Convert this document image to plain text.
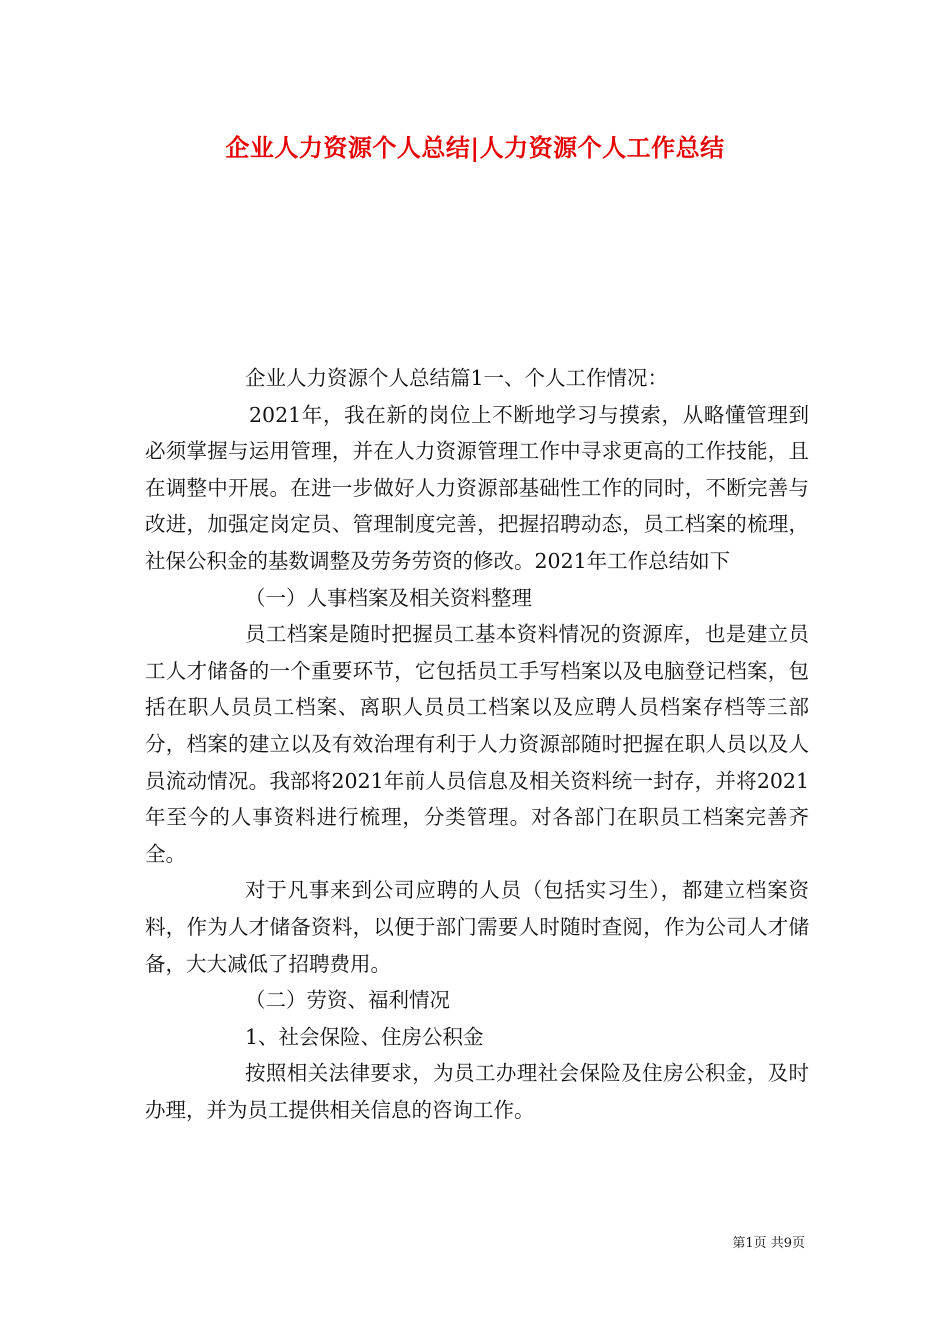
企业人力资源个人总结|人力资源个人工作总结

企业人力资源个人总结篇1一、个人工作情况：

2021年，我在新的岗位上不断地学习与摸索，从略懂管理到必须掌握与运用管理，并在人力资源管理工作中寻求更高的工作技能，且在调整中开展。在进一步做好人力资源部基础性工作的同时，不断完善与改进，加强定岗定员、管理制度完善，把握招聘动态，员工档案的梳理，社保公积金的基数调整及劳务劳资的修改。2021年工作总结如下

（一）人事档案及相关资料整理

员工档案是随时把握员工基本资料情况的资源库，也是建立员工人才储备的一个重要环节，它包括员工手写档案以及电脑登记档案，包括在职人员员工档案、离职人员员工档案以及应聘人员档案存档等三部分，档案的建立以及有效治理有利于人力资源部随时把握在职人员以及人员流动情况。我部将2021年前人员信息及相关资料统一封存，并将2021年至今的人事资料进行梳理，分类管理。对各部门在职员工档案完善齐全。

对于凡事来到公司应聘的人员（包括实习生），都建立档案资料，作为人才储备资料，以便于部门需要人时随时查阅，作为公司人才储备，大大减低了招聘费用。

（二）劳资、福利情况

1、社会保险、住房公积金

按照相关法律要求，为员工办理社会保险及住房公积金，及时办理，并为员工提供相关信息的咨询工作。

第1页 共9页
